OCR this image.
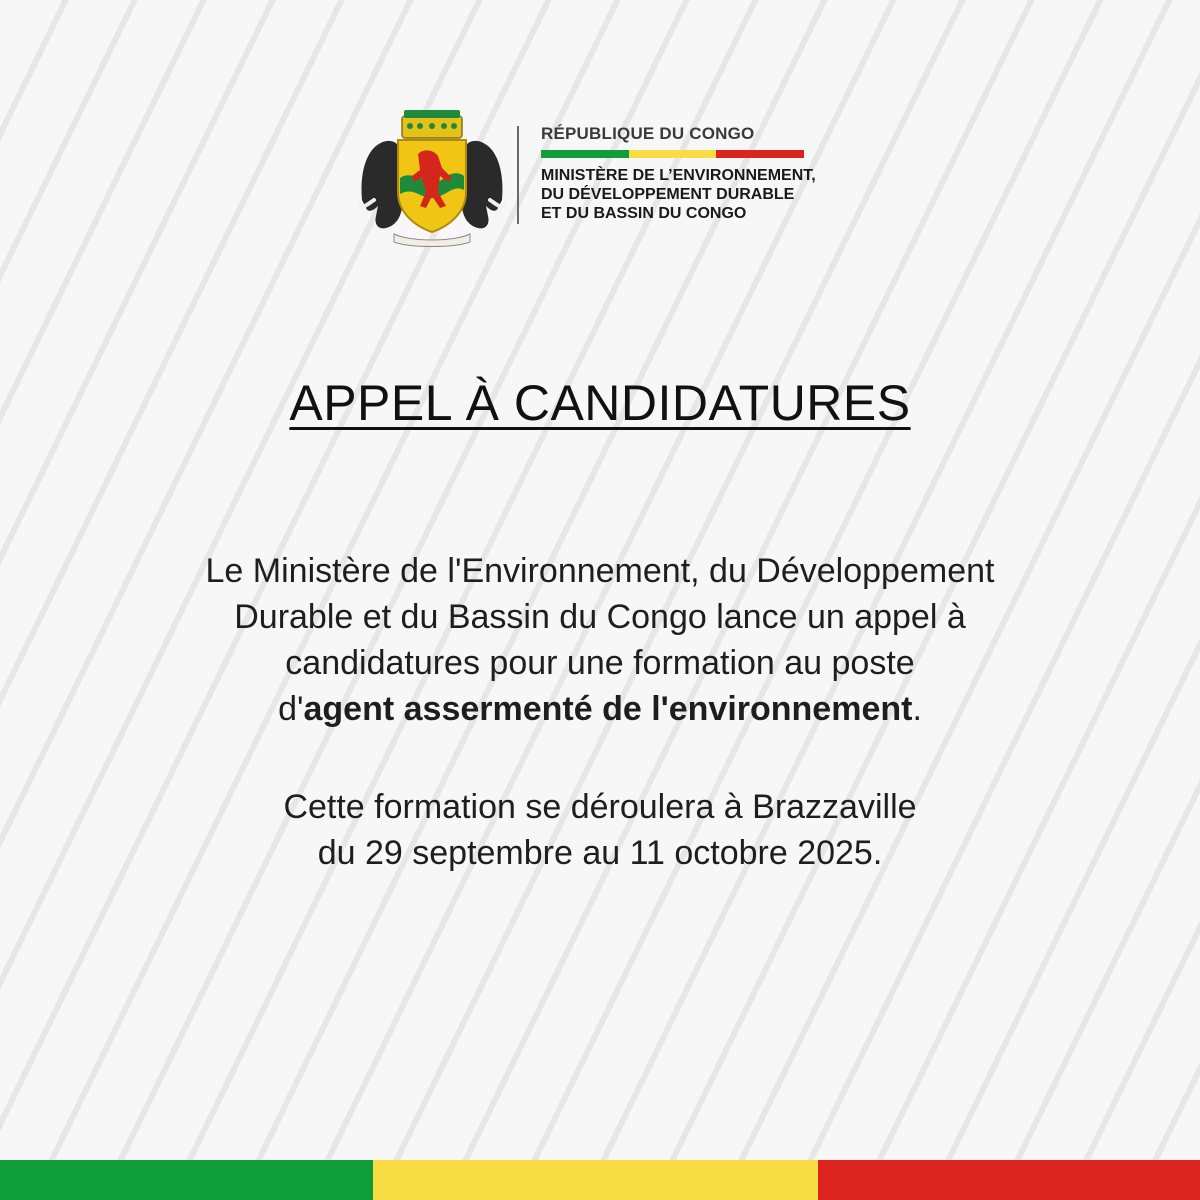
RÉPUBLIQUE DU CONGO
MINISTÈRE DE L’ENVIRONNEMENT,
DU DÉVELOPPEMENT DURABLE
ET DU BASSIN DU CONGO
APPEL À CANDIDATURES

Le Ministère de l'Environnement, du Développement
Durable et du Bassin du Congo lance un appel à
candidatures pour une formation au poste
d'agent assermenté de l'environnement.

Cette formation se déroulera à Brazzaville
du 29 septembre au 11 octobre 2025.
